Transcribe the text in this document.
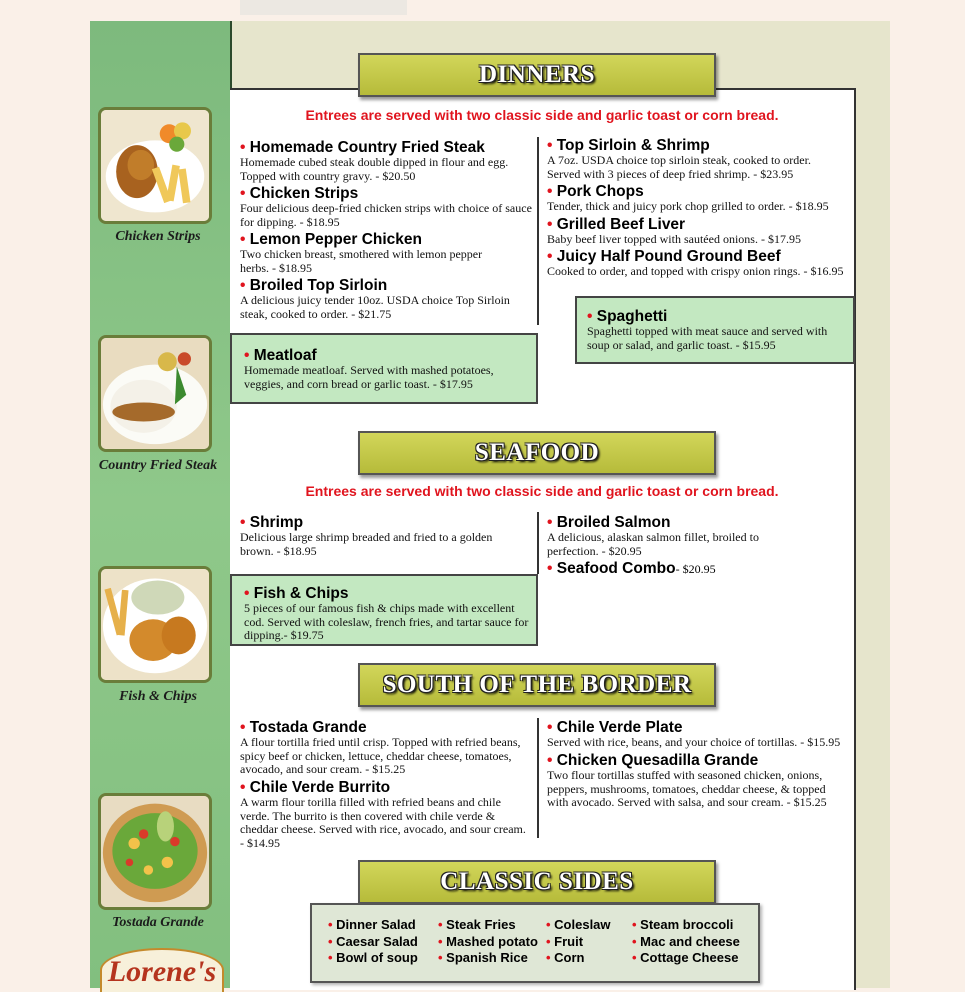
Chicken Strips
Country Fried Steak
Fish & Chips
Tostada Grande
Lorene's
DINNERS
Entrees are served with two classic side and garlic toast or corn bread.
• Homemade Country Fried Steak
Homemade cubed steak double dipped in flour and egg. Topped with country gravy. - $20.50
• Chicken Strips
Four delicious deep-fried chicken strips with choice of sauce for dipping. - $18.95
• Lemon Pepper Chicken
Two chicken breast, smothered with lemon pepper herbs. - $18.95
• Broiled Top Sirloin
A delicious juicy tender 10oz. USDA choice Top Sirloin steak, cooked to order. - $21.75
• Top Sirloin & Shrimp
A 7oz. USDA choice top sirloin steak, cooked to order. Served with 3 pieces of deep fried shrimp. - $23.95
• Pork Chops
Tender, thick and juicy pork chop grilled to order. - $18.95
• Grilled Beef Liver
Baby beef liver topped with sautéed onions. - $17.95
• Juicy Half Pound Ground Beef
Cooked to order, and topped with crispy onion rings. - $16.95
• Spaghetti
Spaghetti topped with meat sauce and served with soup or salad, and garlic toast. - $15.95
• Meatloaf
Homemade meatloaf. Served with mashed potatoes, veggies, and corn bread or garlic toast. - $17.95
SEAFOOD
Entrees are served with two classic side and garlic toast or corn bread.
• Shrimp
Delicious large shrimp breaded and fried to a golden brown. - $18.95
• Fish & Chips
5 pieces of our famous fish & chips made with excellent cod. Served with coleslaw, french fries, and tartar sauce for dipping.- $19.75
• Broiled Salmon
A delicious, alaskan salmon fillet, broiled to perfection. - $20.95
• Seafood Combo- $20.95
SOUTH OF THE BORDER
• Tostada Grande
A flour tortilla fried until crisp. Topped with refried beans, spicy beef or chicken, lettuce, cheddar cheese, tomatoes, avocado, and sour cream. - $15.25
• Chile Verde Burrito
A warm flour torilla filled with refried beans and chile verde. The burrito is then covered with chile verde & cheddar cheese. Served with rice, avocado, and sour cream. - $14.95
• Chile Verde Plate
Served with rice, beans, and your choice of tortillas. - $15.95
• Chicken Quesadilla Grande
Two flour tortillas stuffed with seasoned chicken, onions, peppers, mushrooms, tomatoes, cheddar cheese, & topped with avocado. Served with salsa, and sour cream. - $15.25
CLASSIC SIDES
• Dinner Salad
• Caesar Salad
• Bowl of soup
• Steak Fries
• Mashed potato
• Spanish Rice
• Coleslaw
• Fruit
• Corn
• Steam broccoli
• Mac and cheese
• Cottage Cheese
